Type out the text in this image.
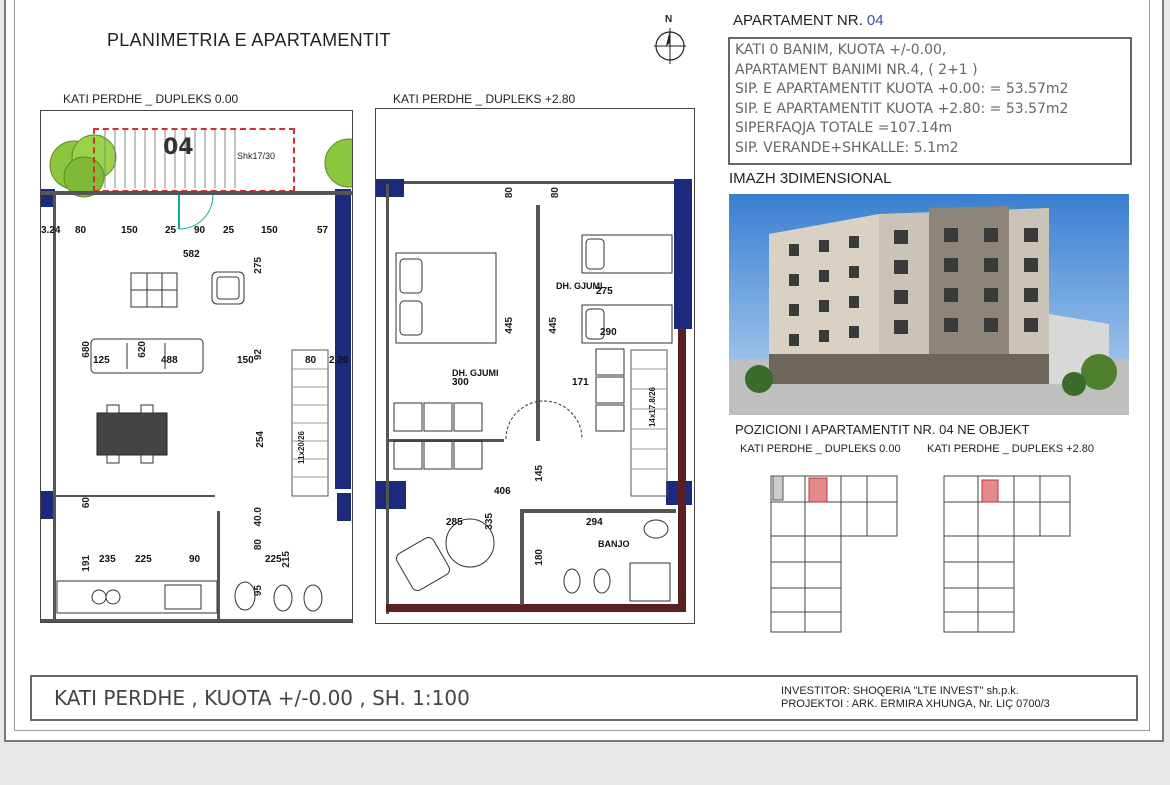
PLANIMETRIA E APARTAMENTIT
N
KATI PERDHE _ DUPLEKS 0.00	KATI PERDHE _ DUPLEKS +2.80
04	Shk17/30
3.24 80	150	25 90 25	150	57
582
275
680	620
125	488	150
92
80 2.20
254	11x20/26
60
40.0
191 235 225	90
80
215
225
95
DH. GJUMI
DH. GJUMI
BANJO
80	80
445	445
275
290
300	171
406
145
285 335	294
180
14x17.8/26
APARTAMENT NR. 04
KATI 0 BANIM, KUOTA +/-0.00,
APARTAMENT BANIMI NR.4, ( 2+1 )
SIP. E APARTAMENTIT KUOTA +0.00: = 53.57m2
SIP. E APARTAMENTIT KUOTA +2.80: = 53.57m2
SIPERFAQJA TOTALE =107.14m
SIP. VERANDE+SHKALLE: 5.1m2
IMAZH 3DIMENSIONAL
POZICIONI I APARTAMENTIT NR. 04 NE OBJEKT
KATI PERDHE _ DUPLEKS 0.00 KATI PERDHE _ DUPLEKS +2.80
KATI PERDHE , KUOTA +/-0.00 , SH. 1:100	INVESTITOR: SHOQERIA "LTE INVEST" sh.p.k.
PROJEKTOI : ARK. ERMIRA XHUNGA, Nr. LIÇ 0700/3
